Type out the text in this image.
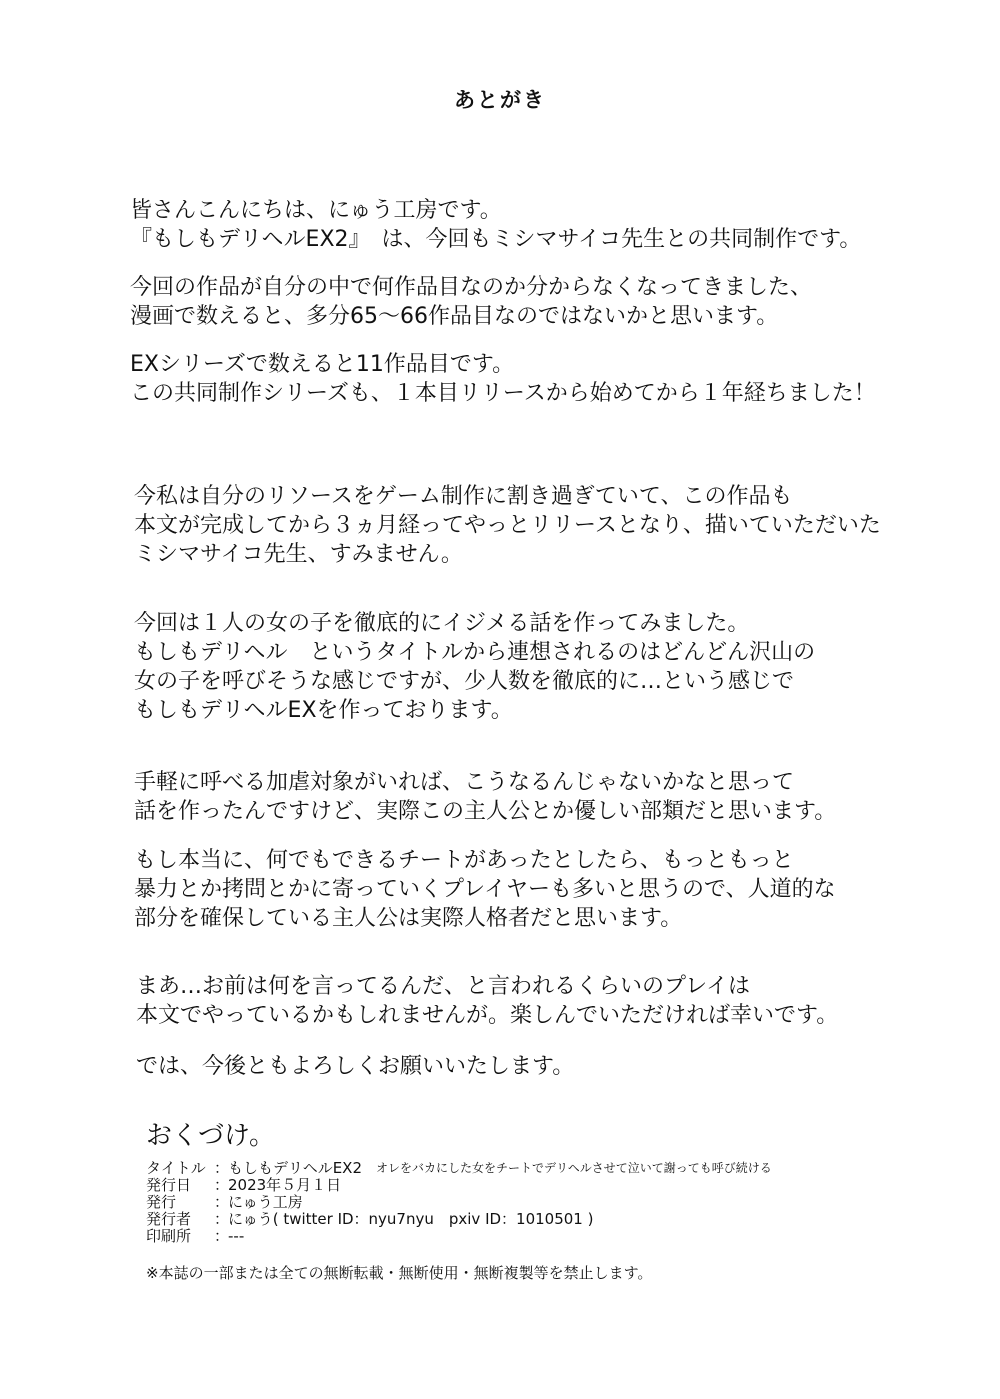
あとがき
皆さんこんにちは、にゅう工房です。
『もしもデリヘルEX2』　は、今回もミシマサイコ先生との共同制作です。
今回の作品が自分の中で何作品目なのか分からなくなってきました、
漫画で数えると、多分65～66作品目なのではないかと思います。
EXシリーズで数えると11作品目です。
この共同制作シリーズも、１本目リリースから始めてから１年経ちました！
今私は自分のリソースをゲーム制作に割き過ぎていて、この作品も
本文が完成してから３ヵ月経ってやっとリリースとなり、描いていただいた
ミシマサイコ先生、すみません。
今回は１人の女の子を徹底的にイジメる話を作ってみました。
もしもデリヘル　というタイトルから連想されるのはどんどん沢山の
女の子を呼びそうな感じですが、少人数を徹底的に…という感じで
もしもデリヘルEXを作っております。
手軽に呼べる加虐対象がいれば、こうなるんじゃないかなと思って
話を作ったんですけど、実際この主人公とか優しい部類だと思います。
もし本当に、何でもできるチートがあったとしたら、もっともっと
暴力とか拷問とかに寄っていくプレイヤーも多いと思うので、人道的な
部分を確保している主人公は実際人格者だと思います。
まあ…お前は何を言ってるんだ、と言われるくらいのプレイは
本文でやっているかもしれませんが。楽しんでいただければ幸いです。
では、今後ともよろしくお願いいたします。
おくづけ。
タイトル ：
もしもデリヘルEX2 オレをバカにした女をチートでデリヘルさせて泣いて謝っても呼び続ける
発行日	：
2023年５月１日
発行	：
にゅう工房
発行者	：
にゅう( twitter ID：nyu7nyu　pxiv ID：1010501 )
印刷所	：
---
※本誌の一部または全ての無断転載・無断使用・無断複製等を禁止します。
